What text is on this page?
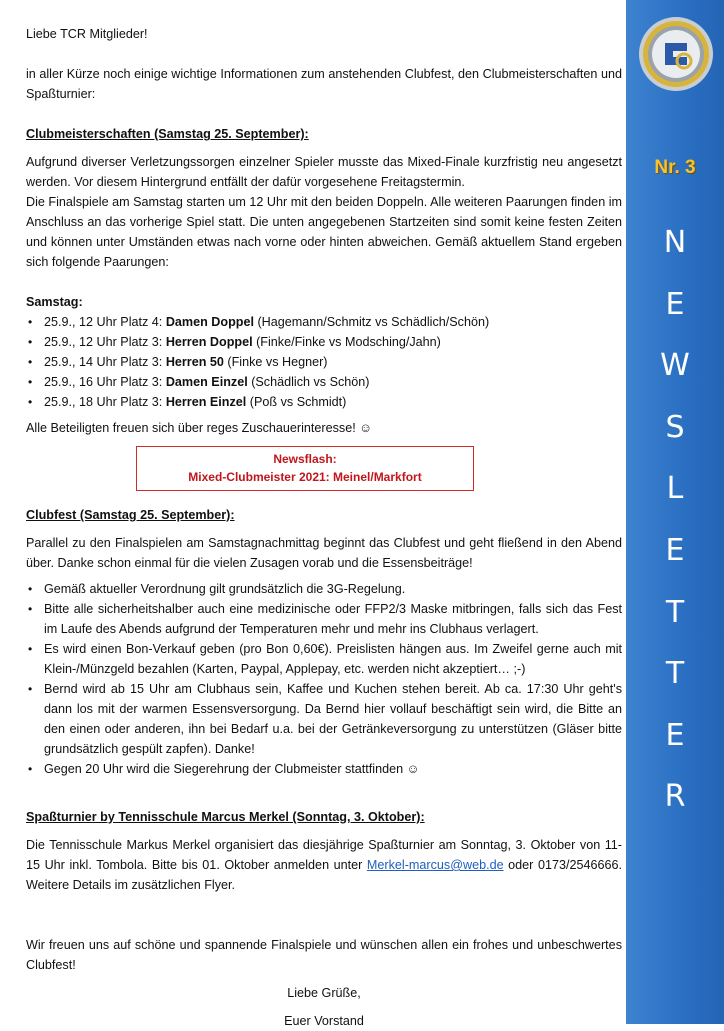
Liebe TCR Mitglieder!

in aller Kürze noch einige wichtige Informationen zum anstehenden Clubfest, den Clubmeisterschaften und Spaßturnier:

Clubmeisterschaften (Samstag 25. September):

Aufgrund diverser Verletzungssorgen einzelner Spieler musste das Mixed-Finale kurzfristig neu angesetzt werden. Vor diesem Hintergrund entfällt der dafür vorgesehene Freitagstermin.

Die Finalspiele am Samstag starten um 12 Uhr mit den beiden Doppeln. Alle weiteren Paarungen finden im Anschluss an das vorherige Spiel statt. Die unten angegebenen Startzeiten sind somit keine festen Zeiten und können unter Umständen etwas nach vorne oder hinten abweichen. Gemäß aktuellem Stand ergeben sich folgende Paarungen:

Samstag:

• 25.9., 12 Uhr Platz 4: Damen Doppel (Hagemann/Schmitz vs Schädlich/Schön)
• 25.9., 12 Uhr Platz 3: Herren Doppel (Finke/Finke vs Modsching/Jahn)
• 25.9., 14 Uhr Platz 3: Herren 50 (Finke vs Hegner)
• 25.9., 16 Uhr Platz 3: Damen Einzel (Schädlich vs Schön)
• 25.9., 18 Uhr Platz 3: Herren Einzel (Poß vs Schmidt)

Alle Beteiligten freuen sich über reges Zuschauerinteresse! ☺

Newsflash:
Mixed-Clubmeister 2021: Meinel/Markfort

Clubfest (Samstag 25. September):

Parallel zu den Finalspielen am Samstagnachmittag beginnt das Clubfest und geht fließend in den Abend über. Danke schon einmal für die vielen Zusagen vorab und die Essensbeiträge!

• Gemäß aktueller Verordnung gilt grundsätzlich die 3G-Regelung.
• Bitte alle sicherheitshalber auch eine medizinische oder FFP2/3 Maske mitbringen, falls sich das Fest im Laufe des Abends aufgrund der Temperaturen mehr und mehr ins Clubhaus verlagert.
• Es wird einen Bon-Verkauf geben (pro Bon 0,60€). Preislisten hängen aus. Im Zweifel gerne auch mit Klein-/Münzgeld bezahlen (Karten, Paypal, Applepay, etc. werden nicht akzeptiert… ;-)
• Bernd wird ab 15 Uhr am Clubhaus sein, Kaffee und Kuchen stehen bereit. Ab ca. 17:30 Uhr geht's dann los mit der warmen Essensversorgung. Da Bernd hier vollauf beschäftigt sein wird, die Bitte an den einen oder anderen, ihn bei Bedarf u.a. bei der Getränkeversorgung zu unterstützen (Gläser bitte grundsätzlich gespült zapfen). Danke!
• Gegen 20 Uhr wird die Siegerehrung der Clubmeister stattfinden ☺

Spaßturnier by Tennisschule Marcus Merkel (Sonntag, 3. Oktober):

Die Tennisschule Markus Merkel organisiert das diesjährige Spaßturnier am Sonntag, 3. Oktober von 11-15 Uhr inkl. Tombola. Bitte bis 01. Oktober anmelden unter Merkel-marcus@web.de oder 0173/2546666. Weitere Details im zusätzlichen Flyer.

Wir freuen uns auf schöne und spannende Finalspiele und wünschen allen ein frohes und unbeschwertes Clubfest!

Liebe Grüße,

Euer Vorstand

Nr. 3
N
E
W
S
L
E
T
T
E
R
